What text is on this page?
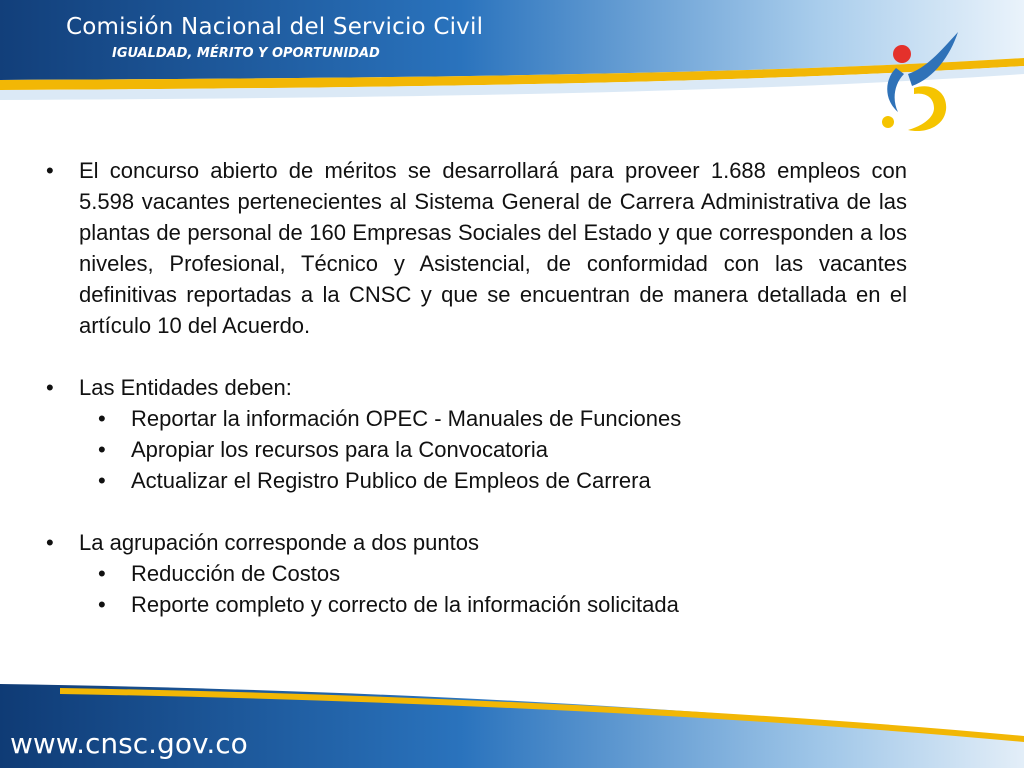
Comisión Nacional del Servicio Civil
IGUALDAD, MÉRITO Y OPORTUNIDAD
• El concurso abierto de méritos se desarrollará para proveer 1.688 empleos con 5.598 vacantes pertenecientes al Sistema General de Carrera Administrativa de las plantas de personal de 160 Empresas Sociales del Estado y que corresponden a los niveles, Profesional, Técnico y Asistencial, de conformidad con las vacantes definitivas reportadas a la CNSC y que se encuentran de manera detallada en el artículo 10 del Acuerdo.
• Las Entidades deben:
• Reportar la información OPEC - Manuales de Funciones
• Apropiar los recursos para la Convocatoria
• Actualizar el Registro Publico de Empleos de Carrera
• La agrupación corresponde a dos puntos
• Reducción de Costos
• Reporte completo y correcto de la información solicitada
www.cnsc.gov.co
